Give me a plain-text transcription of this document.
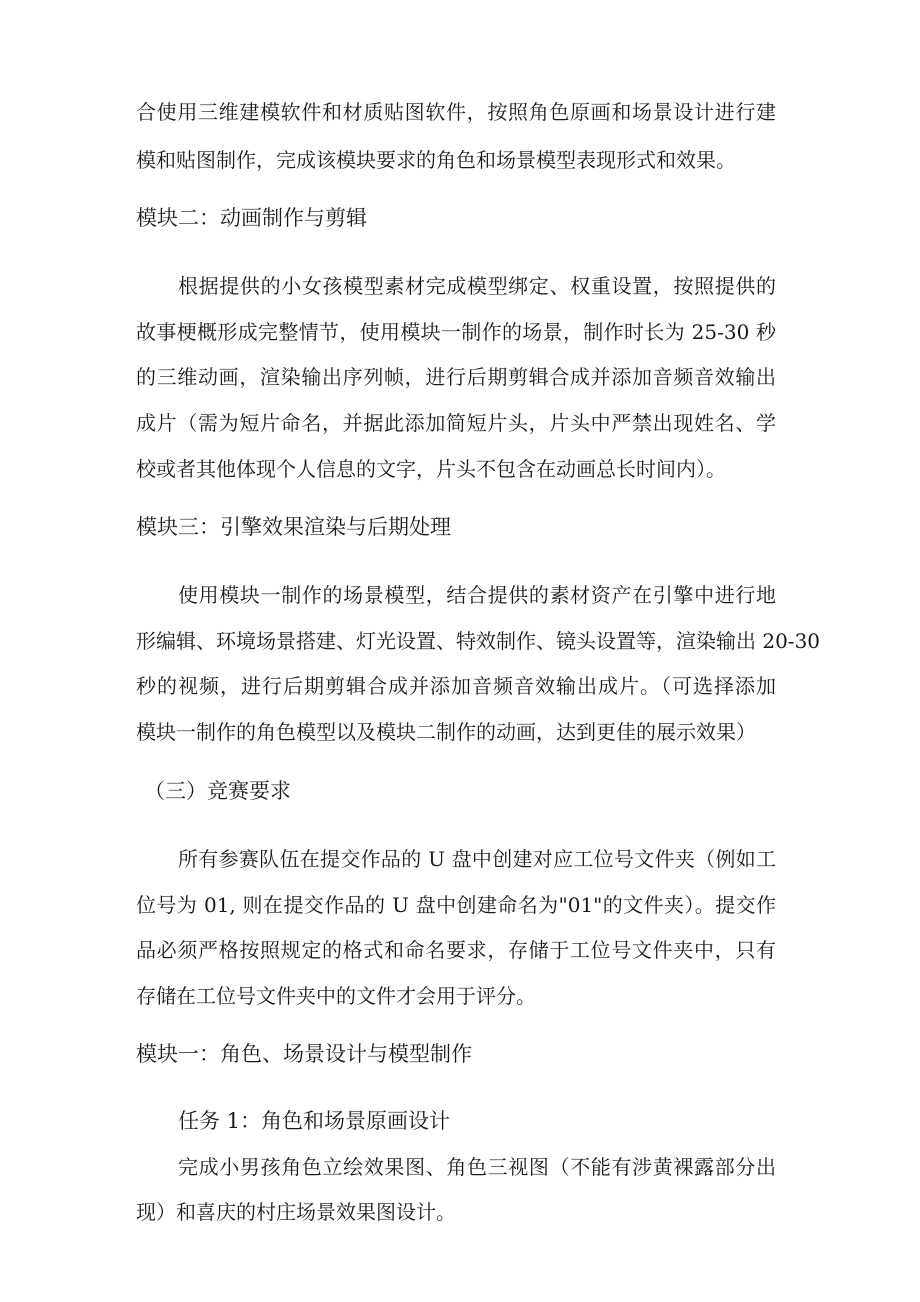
合使用三维建模软件和材质贴图软件，按照角色原画和场景设计进行建
模和贴图制作，完成该模块要求的角色和场景模型表现形式和效果。
模块二：动画制作与剪辑
根据提供的小女孩模型素材完成模型绑定、权重设置，按照提供的
故事梗概形成完整情节，使用模块一制作的场景，制作时长为 25-30 秒
的三维动画，渲染输出序列帧，进行后期剪辑合成并添加音频音效输出
成片（需为短片命名，并据此添加简短片头，片头中严禁出现姓名、学
校或者其他体现个人信息的文字，片头不包含在动画总长时间内）。
模块三：引擎效果渲染与后期处理
使用模块一制作的场景模型，结合提供的素材资产在引擎中进行地
形编辑、环境场景搭建、灯光设置、特效制作、镜头设置等，渲染输出 20-30
秒的视频，进行后期剪辑合成并添加音频音效输出成片。（可选择添加
模块一制作的角色模型以及模块二制作的动画，达到更佳的展示效果）
（三）竞赛要求
所有参赛队伍在提交作品的 U 盘中创建对应工位号文件夹（例如工
位号为 01, 则在提交作品的 U 盘中创建命名为"01"的文件夹）。提交作
品必须严格按照规定的格式和命名要求，存储于工位号文件夹中，只有
存储在工位号文件夹中的文件才会用于评分。
模块一：角色、场景设计与模型制作
任务 1：角色和场景原画设计
完成小男孩角色立绘效果图、角色三视图（不能有涉黄裸露部分出
现）和喜庆的村庄场景效果图设计。
